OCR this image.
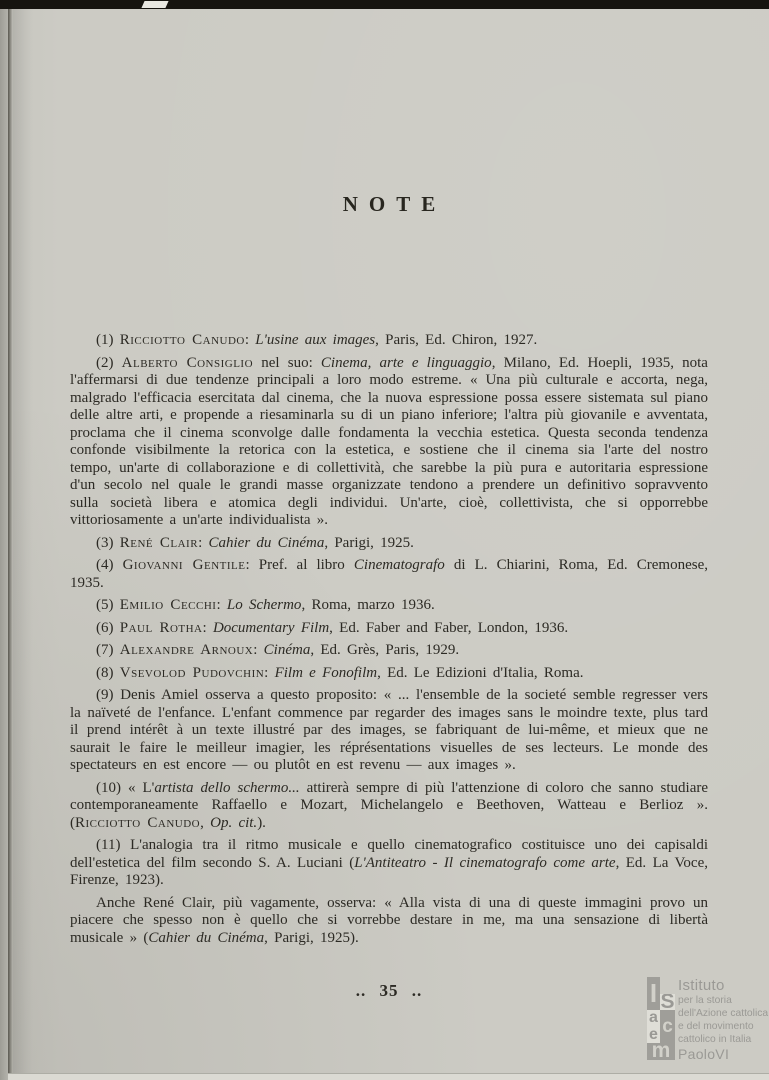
NOTE

(1) Ricciotto Canudo: L'usine aux images, Paris, Ed. Chiron, 1927.

(2) Alberto Consiglio nel suo: Cinema, arte e linguaggio, Milano, Ed. Hoepli, 1935, nota l'affermarsi di due tendenze principali a loro modo estreme. « Una più culturale e accorta, nega, malgrado l'efficacia esercitata dal cinema, che la nuova espressione possa essere sistemata sul piano delle altre arti, e propende a riesaminarla su di un piano inferiore; l'altra più giovanile e avventata, proclama che il cinema sconvolge dalle fondamenta la vecchia estetica. Questa seconda tendenza confonde visibilmente la retorica con la estetica, e sostiene che il cinema sia l'arte del nostro tempo, un'arte di collaborazione e di collettività, che sarebbe la più pura e autoritaria espressione d'un secolo nel quale le grandi masse organizzate tendono a prendere un definitivo sopravvento sulla società libera e atomica degli individui. Un'arte, cioè, collettivista, che si opporrebbe vittoriosamente a un'arte individualista ».

(3) René Clair: Cahier du Cinéma, Parigi, 1925.

(4) Giovanni Gentile: Pref. al libro Cinematografo di L. Chiarini, Roma, Ed. Cremonese, 1935.

(5) Emilio Cecchi: Lo Schermo, Roma, marzo 1936.

(6) Paul Rotha: Documentary Film, Ed. Faber and Faber, London, 1936.

(7) Alexandre Arnoux: Cinéma, Ed. Grès, Paris, 1929.

(8) Vsevolod Pudovchin: Film e Fonofilm, Ed. Le Edizioni d'Italia, Roma.

(9) Denis Amiel osserva a questo proposito: « ... l'ensemble de la societé semble regresser vers la naïveté de l'enfance. L'enfant commence par regarder des images sans le moindre texte, plus tard il prend intérêt à un texte illustré par des images, se fabriquant de lui-même, et mieux que ne saurait le faire le meilleur imagier, les réprésentations visuelles de ses lecteurs. Le monde des spectateurs en est encore — ou plutôt en est revenu — aux images ».

(10) « L'artista dello schermo... attirerà sempre di più l'attenzione di coloro che sanno studiare contemporaneamente Raffaello e Mozart, Michelangelo e Beethoven, Watteau e Berlioz ». (Ricciotto Canudo, Op. cit.).

(11) L'analogia tra il ritmo musicale e quello cinematografico costituisce uno dei capisaldi dell'estetica del film secondo S. A. Luciani (L'Antiteatro - Il cinematografo come arte, Ed. La Voce, Firenze, 1923).

Anche René Clair, più vagamente, osserva: « Alla vista di una di queste immagini provo un piacere che spesso non è quello che si vorrebbe destare in me, ma una sensazione di libertà musicale » (Cahier du Cinéma, Parigi, 1925).

.. 35 ..	I S
a c
e
m
Istituto
per la storia
dell'Azione cattolica
e del movimento
cattolico in Italia
PaoloVI
